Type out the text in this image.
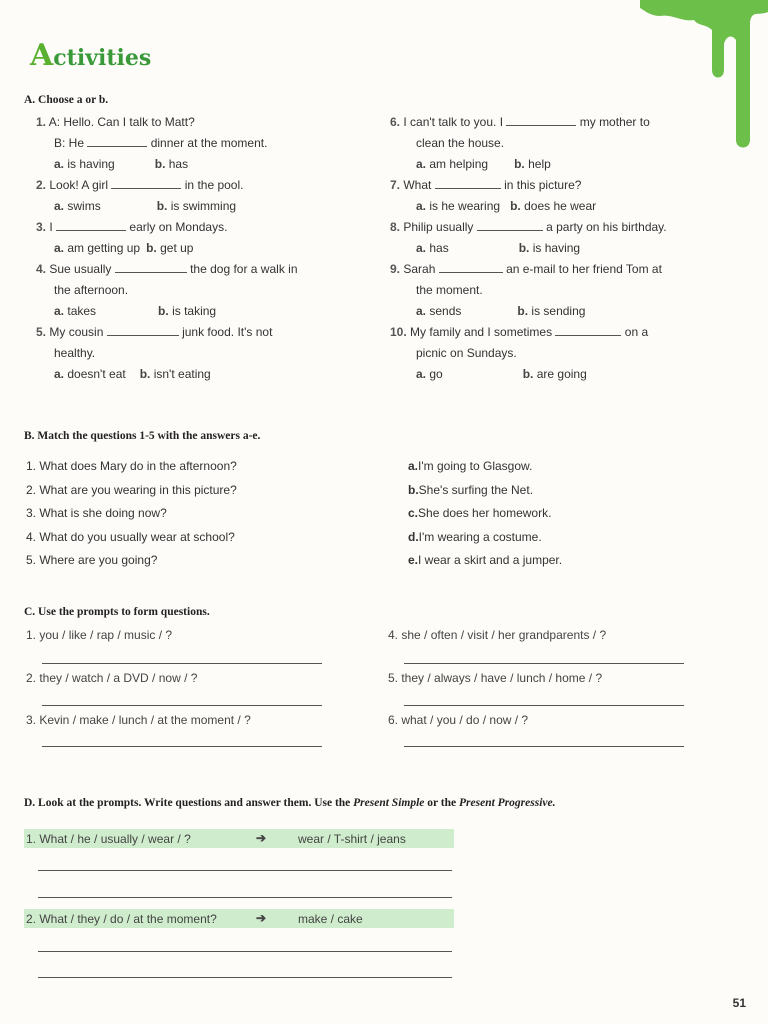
Activities
A. Choose a or b.
1. A: Hello. Can I talk to Matt?
B: He	dinner at the moment.
a. is having	b. has
2. Look! A girl	in the pool.
a. swims	b. is swimming
3. I	early on Mondays.
a. am getting up b. get up
4. Sue usually	the dog for a walk in
the afternoon.
a. takes	b. is taking
5. My cousin	junk food. It's not
healthy.
a. doesn't eat b. isn't eating
6. I can't talk to you. I	my mother to
clean the house.
a. am helping b. help
7. What	in this picture?
a. is he wearing b. does he wear
8. Philip usually	a party on his birthday.
a. has	b. is having
9. Sarah	an e-mail to her friend Tom at
the moment.
a. sends	b. is sending
10. My family and I sometimes	on a
picnic on Sundays.
a. go	b. are going
B. Match the questions 1-5 with the answers a-e.
1. What does Mary do in the afternoon?
2. What are you wearing in this picture?
3. What is she doing now?
4. What do you usually wear at school?
5. Where are you going?
a.I'm going to Glasgow.
b.She's surfing the Net.
c.She does her homework.
d.I'm wearing a costume.
e.I wear a skirt and a jumper.
C. Use the prompts to form questions.
1. you / like / rap / music / ?
2. they / watch / a DVD / now / ?
3. Kevin / make / lunch / at the moment / ?
4. she / often / visit / her grandparents / ?
5. they / always / have / lunch / home / ?
6. what / you / do / now / ?
D. Look at the prompts. Write questions and answer them. Use the Present Simple or the Present Progressive.
1. What / he / usually / wear / ?	➔	wear / T-shirt / jeans
2. What / they / do / at the moment?	➔	make / cake
51
